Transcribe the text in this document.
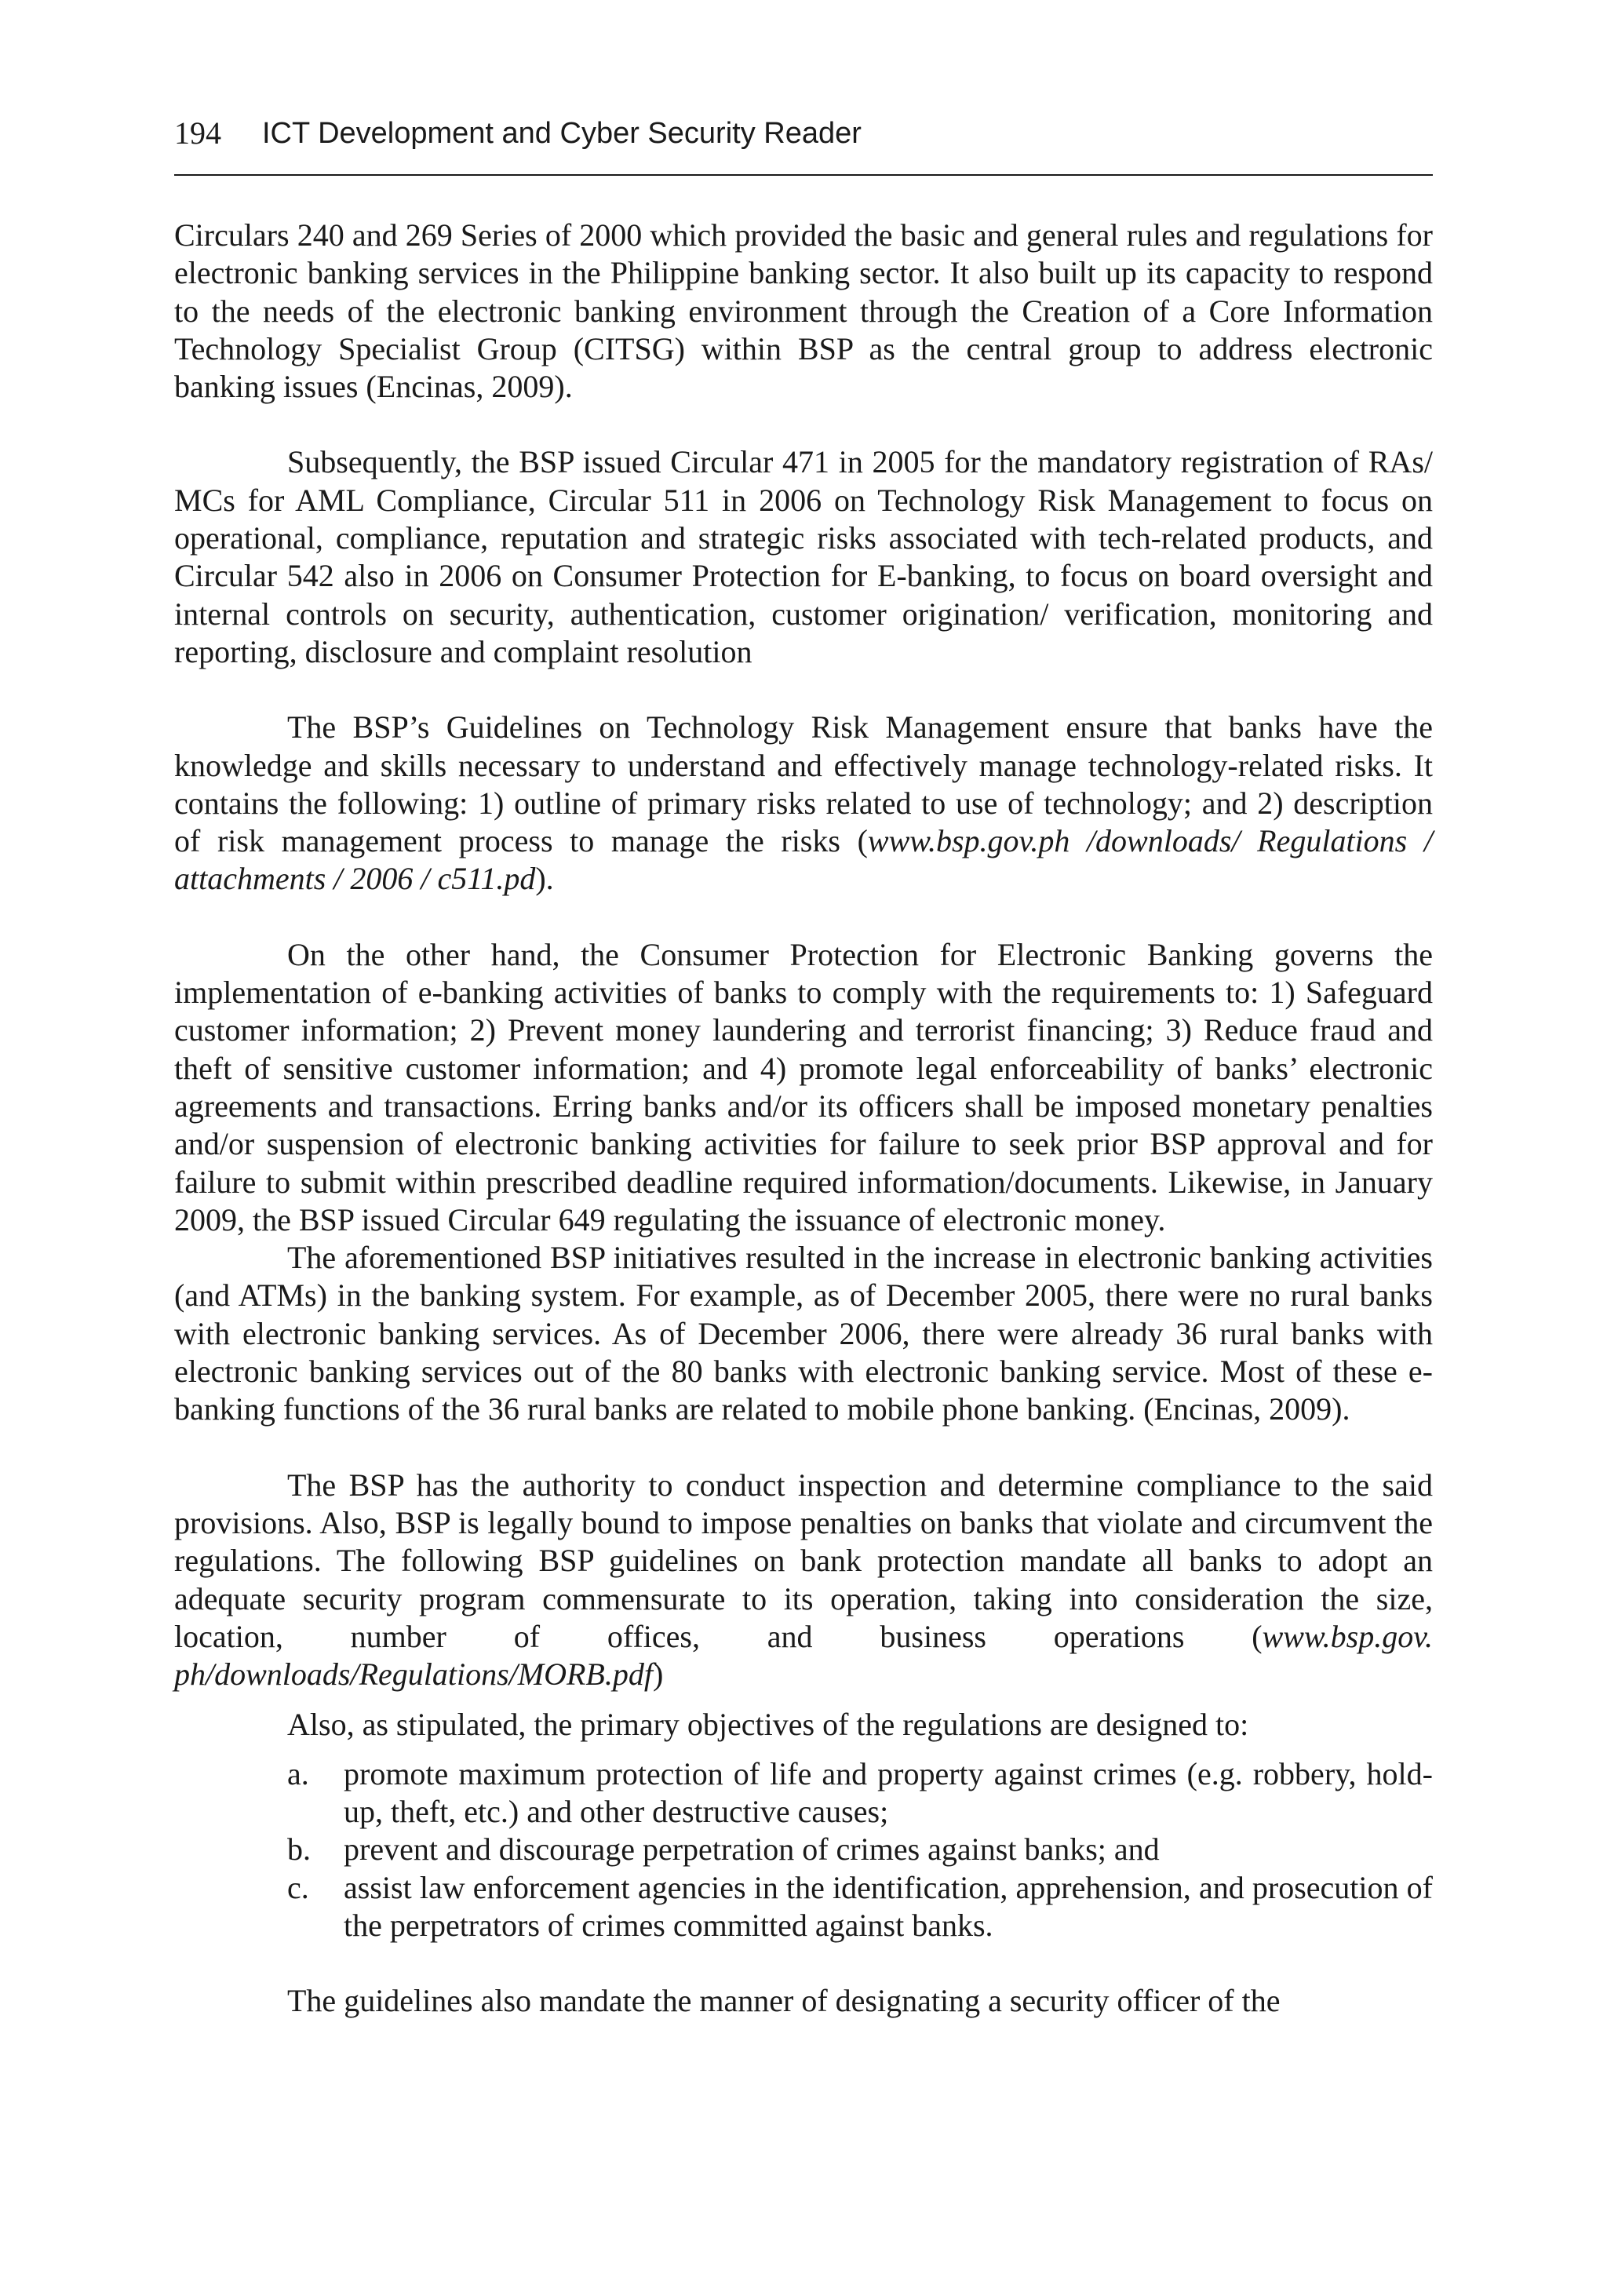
194 ICT Development and Cyber Security Reader

Circulars 240 and 269 Series of 2000 which provided the basic and general rules and regulations for electronic banking services in the Philippine banking sector. It also built up its capacity to respond to the needs of the electronic banking environment through the Creation of a Core Information Technology Specialist Group (CITSG) within BSP as the central group to address electronic banking issues (Encinas, 2009).

Subsequently, the BSP issued Circular 471 in 2005 for the mandatory registration of RAs/ MCs for AML Compliance, Circular 511 in 2006 on Technology Risk Management to focus on operational, compliance, reputation and strategic risks associated with tech-related products, and Circular 542 also in 2006 on Consumer Protection for E-banking, to focus on board oversight and internal controls on security, authentication, customer origination/ verification, monitoring and reporting, disclosure and complaint resolution

The BSP’s Guidelines on Technology Risk Management ensure that banks have the knowledge and skills necessary to understand and effectively manage technology-related risks. It contains the following: 1) outline of primary risks related to use of technology; and 2) description of risk management process to manage the risks (www.bsp.gov.ph /downloads/ Regulations / attachments / 2006 / c511.pd).

On the other hand, the Consumer Protection for Electronic Banking governs the implementation of e-banking activities of banks to comply with the requirements to: 1) Safeguard customer information; 2) Prevent money laundering and terrorist financing; 3) Reduce fraud and theft of sensitive customer information; and 4) promote legal enforceability of banks’ electronic agreements and transactions. Erring banks and/or its officers shall be imposed monetary penalties and/or suspension of electronic banking activities for failure to seek prior BSP approval and for failure to submit within prescribed deadline required information/documents. Likewise, in January 2009, the BSP issued Circular 649 regulating the issuance of electronic money.

The aforementioned BSP initiatives resulted in the increase in electronic banking activities (and ATMs) in the banking system. For example, as of December 2005, there were no rural banks with electronic banking services. As of December 2006, there were already 36 rural banks with electronic banking services out of the 80 banks with electronic banking service. Most of these e-banking functions of the 36 rural banks are related to mobile phone banking. (Encinas, 2009).

The BSP has the authority to conduct inspection and determine compliance to the said provisions. Also, BSP is legally bound to impose penalties on banks that violate and circumvent the regulations. The following BSP guidelines on bank protection mandate all banks to adopt an adequate security program commensurate to its operation, taking into consideration the size, location, number of offices, and business operations (www.bsp.gov. ph/downloads/Regulations/MORB.pdf)

Also, as stipulated, the primary objectives of the regulations are designed to:

a. promote maximum protection of life and property against crimes (e.g. robbery, hold-up, theft, etc.) and other destructive causes;
b. prevent and discourage perpetration of crimes against banks; and
c. assist law enforcement agencies in the identification, apprehension, and prosecution of the perpetrators of crimes committed against banks.

The guidelines also mandate the manner of designating a security officer of the
